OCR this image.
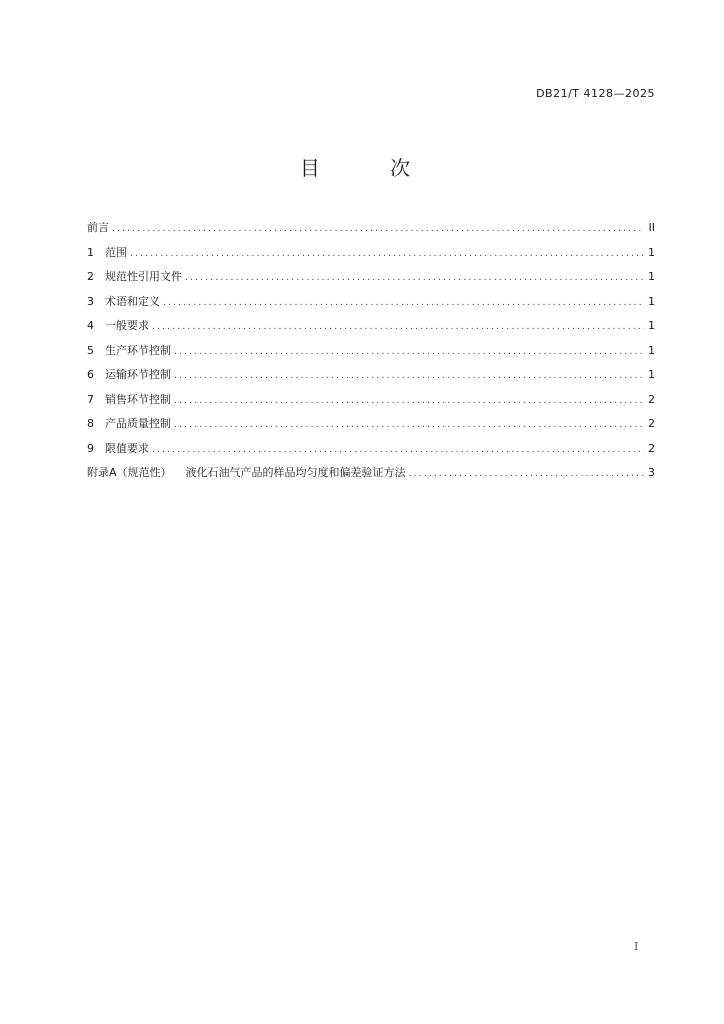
DB21/T 4128—2025
目 次
前言 .....	II
1	范围 .....	1
2	规范性引用文件 .....	1
3	术语和定义 .....	1
4	一般要求 .....	1
5	生产环节控制 .....	1
6	运输环节控制 .....	1
7	销售环节控制 .....	2
8	产品质量控制 .....	2
9	限值要求 .....	2
附录A（规范性） 液化石油气产品的样品均匀度和偏差验证方法 .....	3
I
